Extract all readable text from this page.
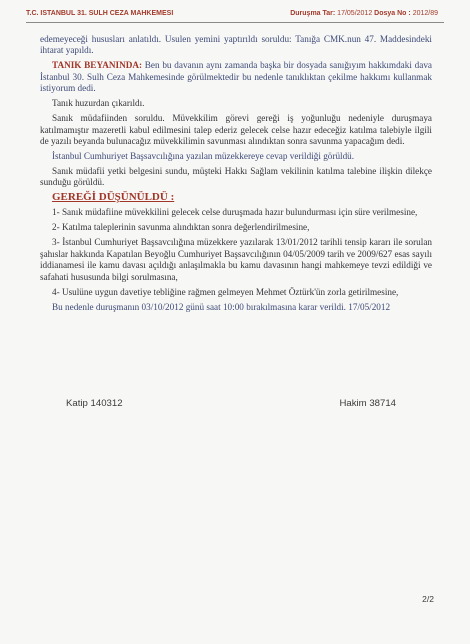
T.C. ISTANBUL 31. SULH CEZA MAHKEMESI	Duruşma Tar: 17/05/2012 Dosya No : 2012/89

edemeyeceği hususları anlatıldı. Usulen yemini yaptırıldı soruldu: Tanığa CMK.nun 47. Maddesindeki ihtarat yapıldı.

TANIK BEYANINDA: Ben bu davanın aynı zamanda başka bir dosyada sanığıyım hakkımdaki dava İstanbul 30. Sulh Ceza Mahkemesinde görülmektedir bu nedenle tanıklıktan çekilme hakkımı kullanmak istiyorum dedi.

Tanık huzurdan çıkarıldı.

Sanık müdafiinden soruldu. Müvekkilim görevi gereği iş yoğunluğu nedeniyle duruşmaya katılmamıştır mazeretli kabul edilmesini talep ederiz gelecek celse hazır edeceğiz katılma talebiyle ilgili de yazılı beyanda bulunacağız müvekkilimin savunması alındıktan sonra savunma yapacağım dedi.

İstanbul Cumhuriyet Başsavcılığına yazılan müzekkereye cevap verildiği görüldü.

Sanık müdafii yetki belgesini sundu, müşteki Hakkı Sağlam vekilinin katılma talebine ilişkin dilekçe sunduğu görüldü.

GEREĞİ DÜŞÜNÜLDÜ :

1- Sanık müdafiine müvekkilini gelecek celse duruşmada hazır bulundurması için süre verilmesine,

2- Katılma taleplerinin savunma alındıktan sonra değerlendirilmesine,

3- İstanbul Cumhuriyet Başsavcılığına müzekkere yazılarak 13/01/2012 tarihli tensip kararı ile sorulan şahıslar hakkında Kapatılan Beyoğlu Cumhuriyet Başsavcılığının 04/05/2009 tarih ve 2009/627 esas sayılı iddianamesi ile kamu davası açıldığı anlaşılmakla bu kamu davasının hangi mahkemeye tevzi edildiği ve safahati hususunda bilgi sorulmasına,

4- Usulüne uygun davetiye tebliğine rağmen gelmeyen Mehmet Öztürk'ün zorla getirilmesine,

Bu nedenle duruşmanın 03/10/2012 günü saat 10:00 bırakılmasına karar verildi. 17/05/2012

Katip 140312	Hakim 38714
2/2
